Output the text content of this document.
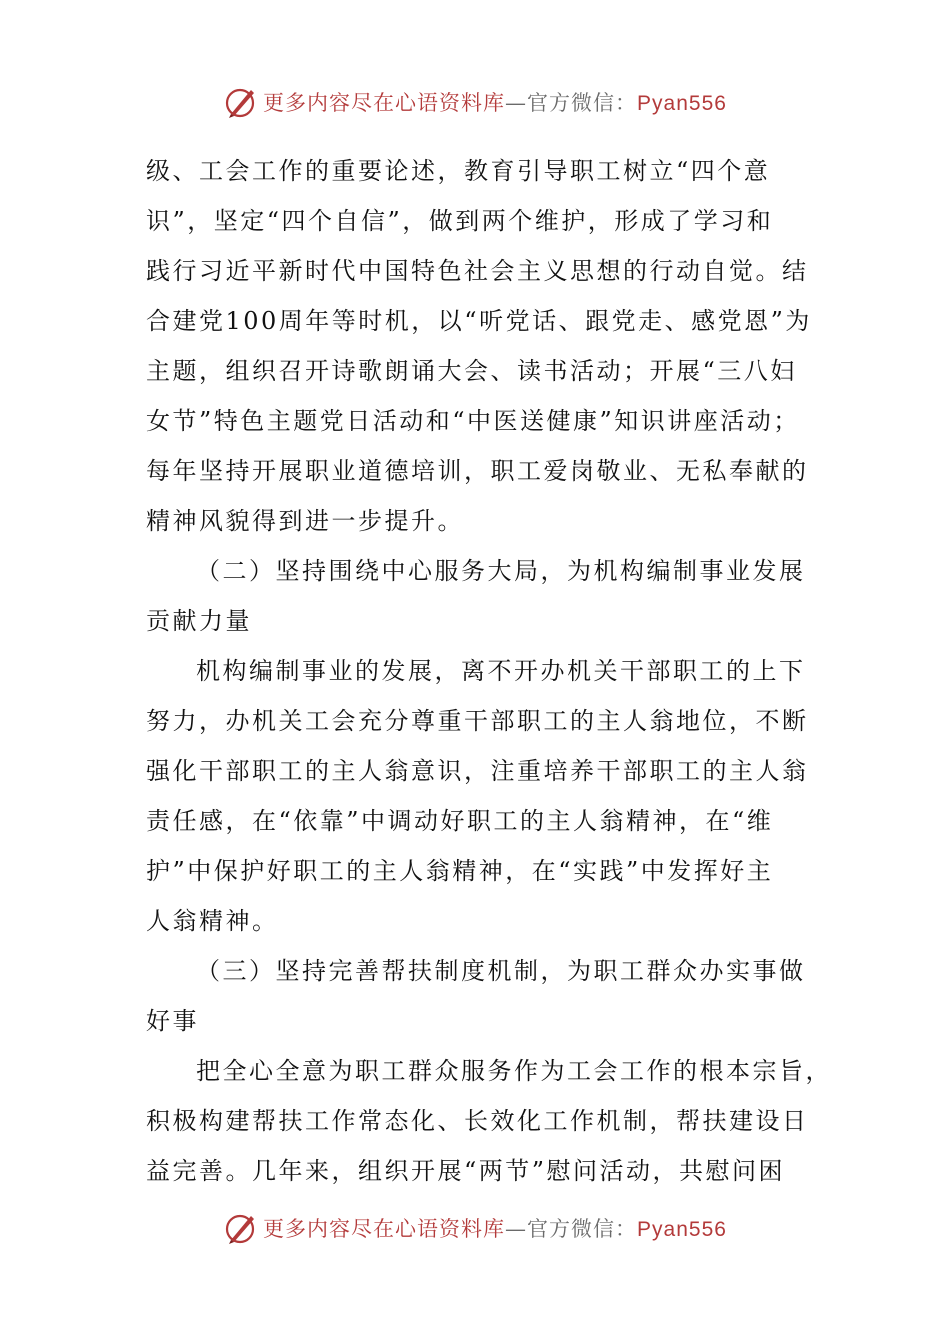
更多内容尽在心语资料库—官方微信：Pyan556
级、工会工作的重要论述，教育引导职工树立“四个意
识”，坚定“四个自信”，做到两个维护，形成了学习和
践行习近平新时代中国特色社会主义思想的行动自觉。结
合建党100周年等时机，以“听党话、跟党走、感党恩”为
主题，组织召开诗歌朗诵大会、读书活动；开展“三八妇
女节”特色主题党日活动和“中医送健康”知识讲座活动；
每年坚持开展职业道德培训，职工爱岗敬业、无私奉献的
精神风貌得到进一步提升。
（二）坚持围绕中心服务大局，为机构编制事业发展
贡献力量
机构编制事业的发展，离不开办机关干部职工的上下
努力，办机关工会充分尊重干部职工的主人翁地位，不断
强化干部职工的主人翁意识，注重培养干部职工的主人翁
责任感，在“依靠”中调动好职工的主人翁精神，在“维
护”中保护好职工的主人翁精神，在“实践”中发挥好主
人翁精神。
（三）坚持完善帮扶制度机制，为职工群众办实事做
好事
把全心全意为职工群众服务作为工会工作的根本宗旨，
积极构建帮扶工作常态化、长效化工作机制，帮扶建设日
益完善。几年来，组织开展“两节”慰问活动，共慰问困
更多内容尽在心语资料库—官方微信：Pyan556
